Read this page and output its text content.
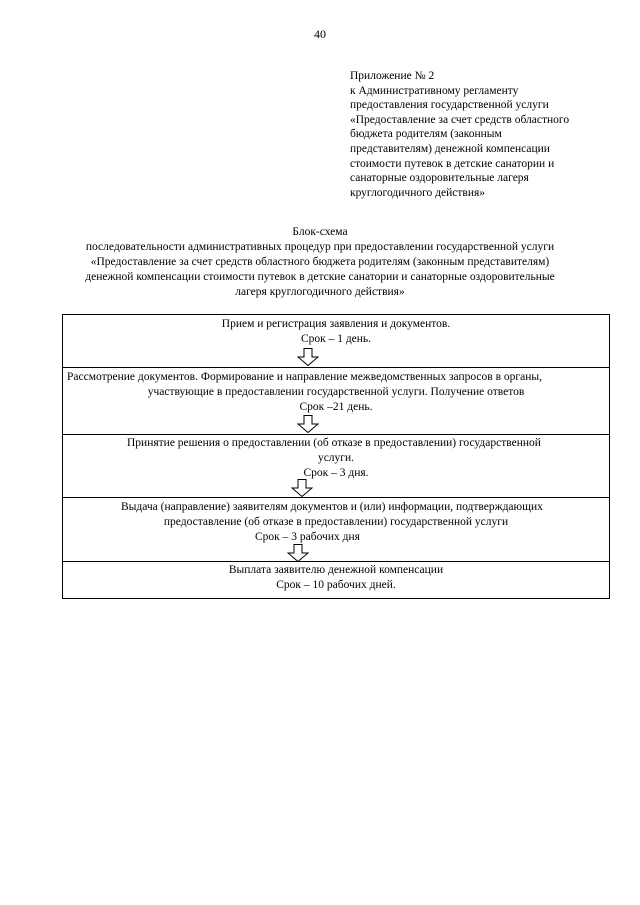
40
Приложение № 2
к Административному регламенту
предоставления государственной услуги
«Предоставление за счет средств областного
бюджета родителям (законным
представителям) денежной компенсации
стоимости путевок в детские санатории и
санаторные оздоровительные лагеря
круглогодичного действия»
Блок-схема
последовательности административных процедур при предоставлении государственной услуги
«Предоставление за счет средств областного бюджета родителям (законным представителям)
денежной компенсации стоимости путевок в детские санатории и санаторные оздоровительные
лагеря круглогодичного действия»
Прием и регистрация заявления и документов.
Срок – 1 день.
Рассмотрение документов. Формирование и направление межведомственных запросов в органы,
участвующие в предоставлении государственной услуги. Получение ответов
Срок –21 день.
Принятие решения о предоставлении (об отказе в предоставлении) государственной
услуги.
Срок – 3 дня.
Выдача (направление) заявителям документов и (или) информации, подтверждающих
предоставление (об отказе в предоставлении) государственной услуги
Срок – 3 рабочих дня
Выплата заявителю денежной компенсации
Срок – 10 рабочих дней.
